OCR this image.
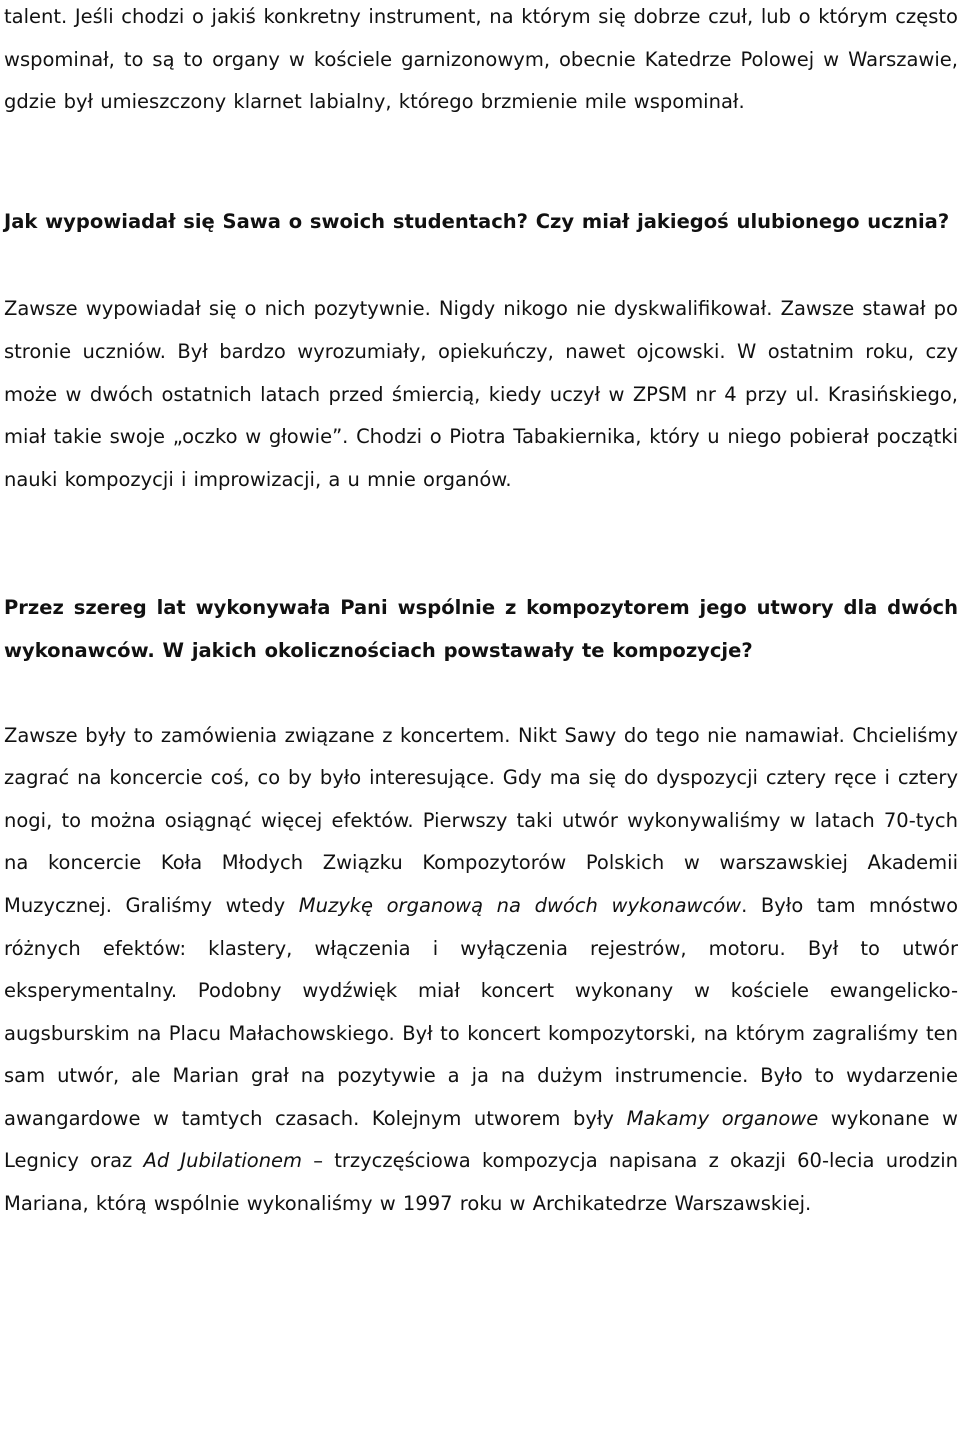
talent. Jeśli chodzi o jakiś konkretny instrument, na którym się dobrze czuł, lub o którym często wspominał, to są to organy w kościele garnizonowym, obecnie Katedrze Polowej w Warszawie, gdzie był umieszczony klarnet labialny, którego brzmienie mile wspominał.

Jak wypowiadał się Sawa o swoich studentach? Czy miał jakiegoś ulubionego ucznia?

Zawsze wypowiadał się o nich pozytywnie. Nigdy nikogo nie dyskwalifikował. Zawsze stawał po stronie uczniów. Był bardzo wyrozumiały, opiekuńczy, nawet ojcowski. W ostatnim roku, czy może w dwóch ostatnich latach przed śmiercią, kiedy uczył w ZPSM nr 4 przy ul. Krasińskiego, miał takie swoje „oczko w głowie”. Chodzi o Piotra Tabakiernika, który u niego pobierał początki nauki kompozycji i improwizacji, a u mnie organów.

Przez szereg lat wykonywała Pani wspólnie z kompozytorem jego utwory dla dwóch wykonawców. W jakich okolicznościach powstawały te kompozycje?

Zawsze były to zamówienia związane z koncertem. Nikt Sawy do tego nie namawiał. Chcieliśmy zagrać na koncercie coś, co by było interesujące. Gdy ma się do dyspozycji cztery ręce i cztery nogi, to można osiągnąć więcej efektów. Pierwszy taki utwór wykonywaliśmy w latach 70-tych na koncercie Koła Młodych Związku Kompozytorów Polskich w warszawskiej Akademii Muzycznej. Graliśmy wtedy Muzykę organową na dwóch wykonawców. Było tam mnóstwo różnych efektów: klastery, włączenia i wyłączenia rejestrów, motoru. Był to utwór eksperymentalny. Podobny wydźwięk miał koncert wykonany w kościele ewangelicko-augsburskim na Placu Małachowskiego. Był to koncert kompozytorski, na którym zagraliśmy ten sam utwór, ale Marian grał na pozytywie a ja na dużym instrumencie. Było to wydarzenie awangardowe w tamtych czasach. Kolejnym utworem były Makamy organowe wykonane w Legnicy oraz Ad Jubilationem – trzyczęściowa kompozycja napisana z okazji 60-lecia urodzin Mariana, którą wspólnie wykonaliśmy w 1997 roku w Archikatedrze Warszawskiej.
